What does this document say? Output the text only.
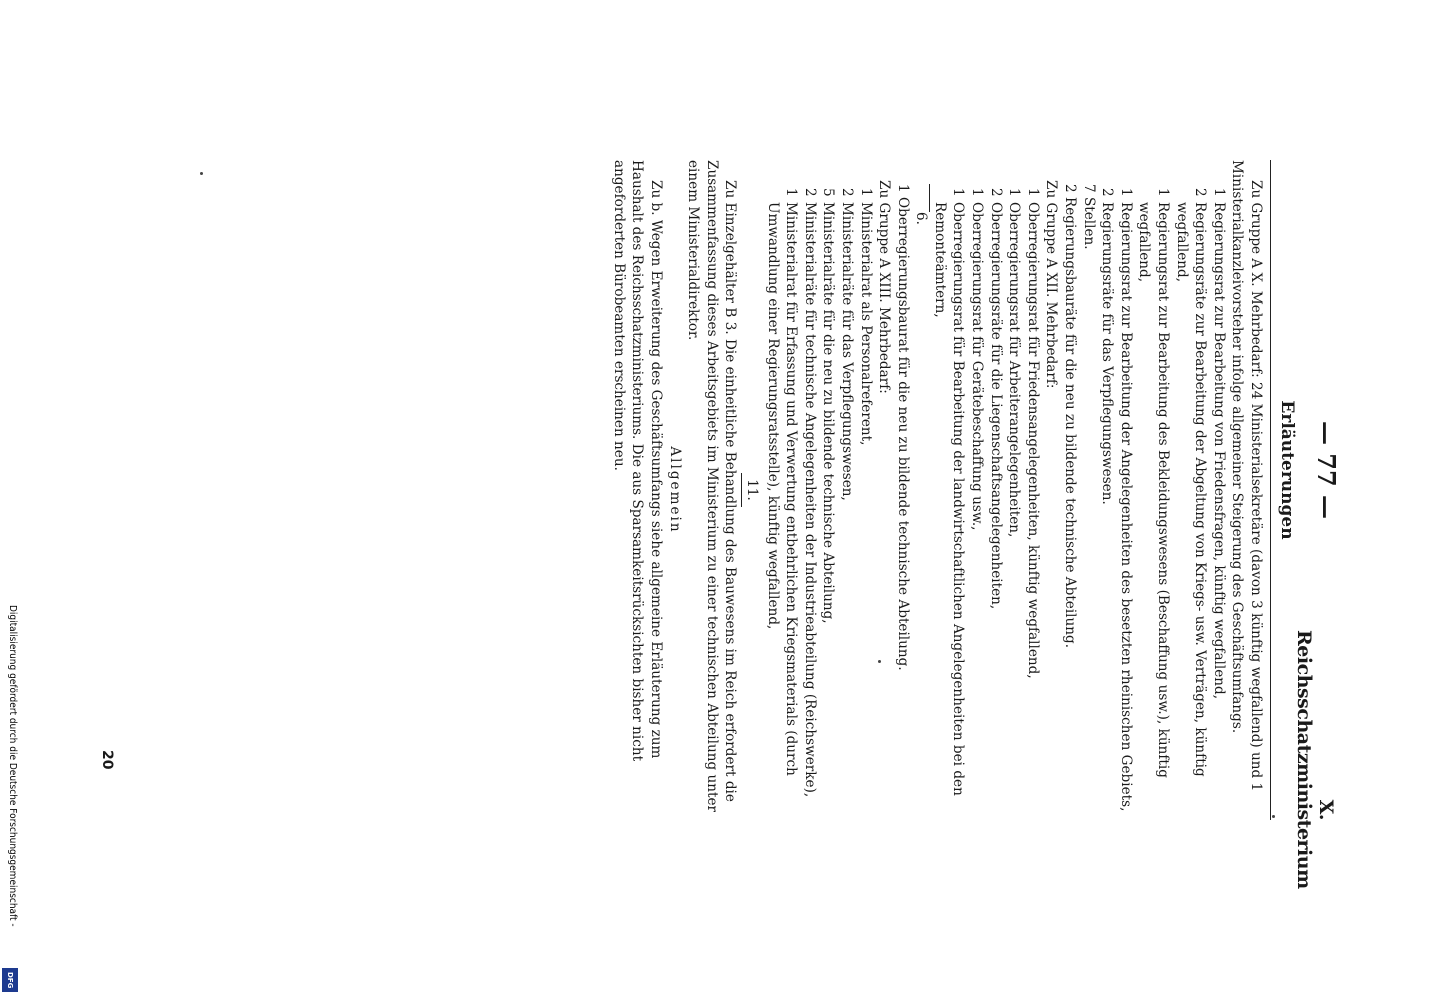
— 77 —
X. Reichsschatzministerium
Erläuterungen

Zu Gruppe A X. Mehrbedarf: 24 Ministerialsekretäre (davon 3 künftig wegfallend) und 1 Ministerialkanzleivorsteher infolge allgemeiner Steigerung des Geschäftsumfangs.

1Regierungsrat zur Bearbeitung von Friedensfragen, künftig wegfallend,

2Regierungsräte zur Bearbeitung der Abgeltung von Kriegs- usw. Verträgen, künftig wegfallend,

1Regierungsrat zur Bearbeitung des Bekleidungswesens (Beschaffung usw.), künftig wegfallend,

1Regierungsrat zur Bearbeitung der Angelegenheiten des besetzten rheinischen Gebiets,

2Regierungsräte für das Verpflegungswesen.

7 Stellen.

2 Regierungsbauräte für die neu zu bildende technische Abteilung.

Zu Gruppe A XII. Mehrbedarf:

1Oberregierungsrat für Friedensangelegenheiten, künftig wegfallend,

1Oberregierungsrat für Arbeiterangelegenheiten,

2Oberregierungsräte für die Liegenschaftsangelegenheiten,

1Oberregierungsrat für Gerätebeschaffung usw.,

1Oberregierungsrat für Bearbeitung der landwirtschaftlichen Angelegenheiten bei den Remonteämtern,

6.

1 Oberregierungsbaurat für die neu zu bildende technische Abteilung.

Zu Gruppe A XIII. Mehrbedarf:

1Ministerialrat als Personalreferent,

2Ministerialräte für das Verpflegungswesen,

5Ministerialräte für die neu zu bildende technische Abteilung,

2Ministerialräte für technische Angelegenheiten der Industrieabteilung (Reichswerke),

1Ministerialrat für Erfassung und Verwertung entbehrlichen Kriegsmaterials (durch Umwandlung einer Regierungsratsstelle), künftig wegfallend,

11.

Zu Einzelgehälter B 3. Die einheitliche Behandlung des Bauwesens im Reich erfordert die Zusammenfassung dieses Arbeitsgebiets im Ministerium zu einer technischen Abteilung unter einem Ministerialdirektor.

Allgemein

Zu b. Wegen Erweiterung des Geschäftsumfangs siehe allgemeine Erläuterung zum Haushalt des Reichsschatzministeriums. Die aus Sparsamkeitsrücksichten bisher nicht angeforderten Bürobeamten erscheinen neu.

20
Digitalisierung gefördert durch die Deutsche Forschungsgemeinschaft -
DFG
